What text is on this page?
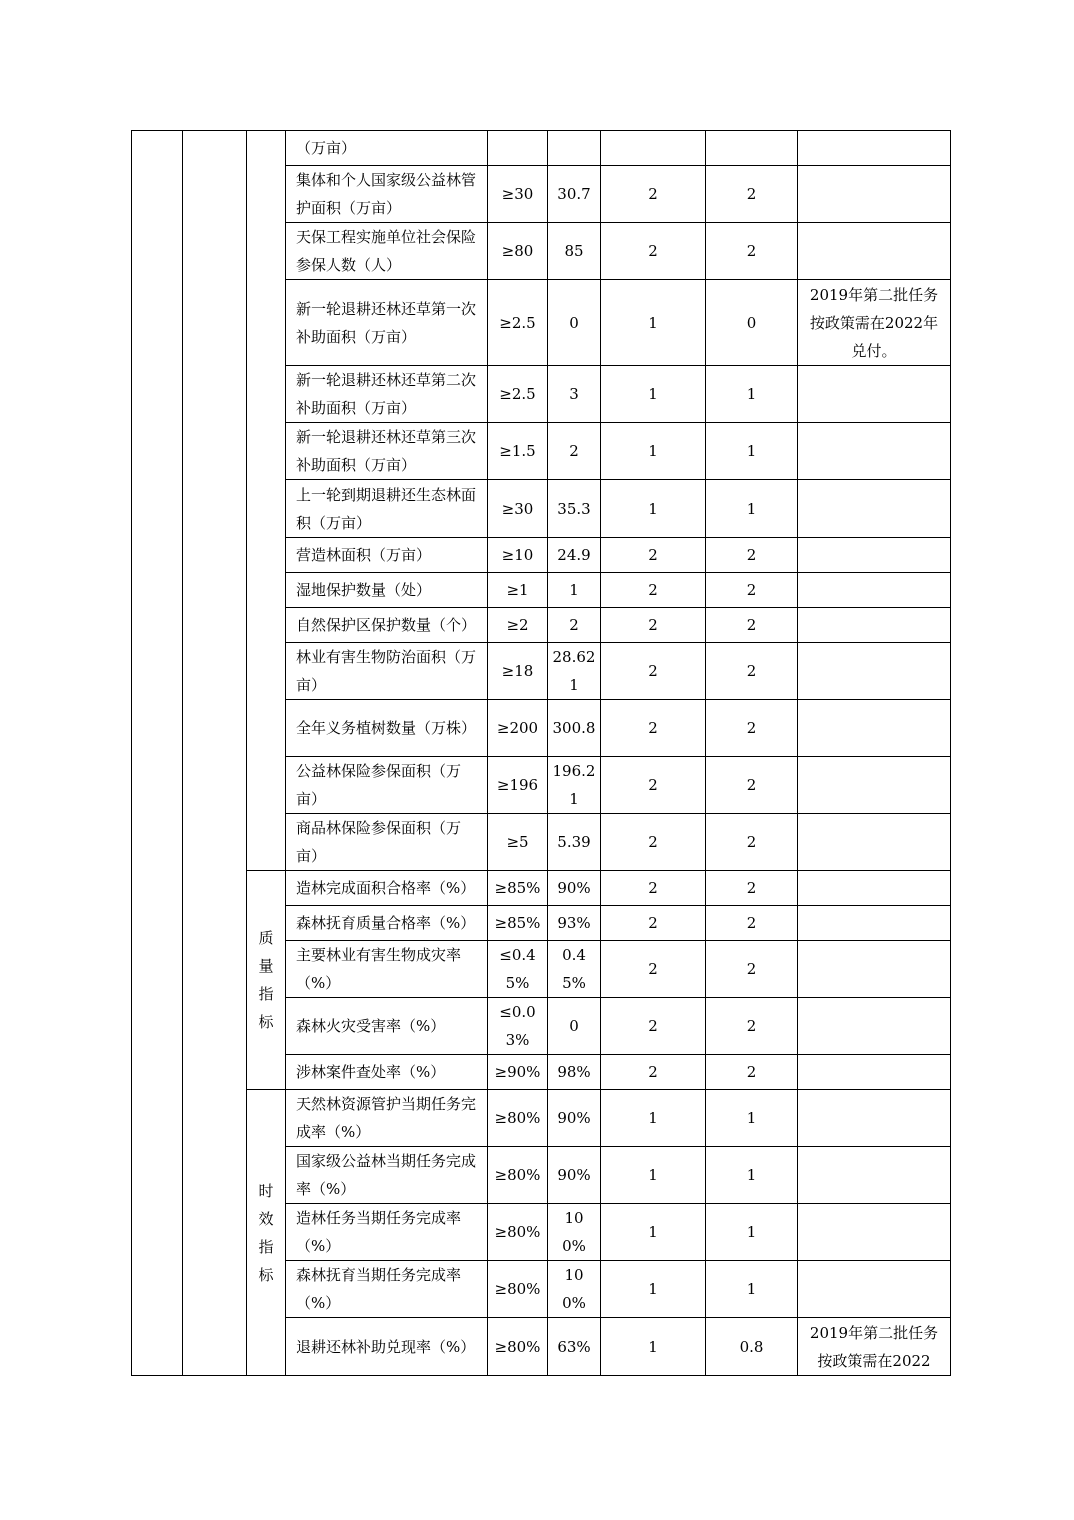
			（万亩）					
			集体和个人国家级公益林管护面积（万亩）	≥30	30.7	2	2	
			天保工程实施单位社会保险参保人数（人）	≥80	85	2	2	
			新一轮退耕还林还草第一次补助面积（万亩）	≥2.5	0	1	0	2019年第二批任务按政策需在2022年兑付。
			新一轮退耕还林还草第二次补助面积（万亩）	≥2.5	3	1	1	
			新一轮退耕还林还草第三次补助面积（万亩）	≥1.5	2	1	1	
			上一轮到期退耕还生态林面积（万亩）	≥30	35.3	1	1	
			营造林面积（万亩）	≥10	24.9	2	2	
			湿地保护数量（处）	≥1	1	2	2	
			自然保护区保护数量（个）	≥2	2	2	2	
			林业有害生物防治面积（万亩）	≥18	28.621	2	2	
			全年义务植树数量（万株）	≥200	300.8	2	2	
			公益林保险参保面积（万亩）	≥196	196.21	2	2	
			商品林保险参保面积（万亩）	≥5	5.39	2	2	
		质量指标	造林完成面积合格率（%）	≥85%	90%	2	2	
			森林抚育质量合格率（%）	≥85%	93%	2	2	
			主要林业有害生物成灾率（%）	≤0.45%	0.45%	2	2	
			森林火灾受害率（%）	≤0.03%	0	2	2	
			涉林案件查处率（%）	≥90%	98%	2	2	
		时效指标	天然林资源管护当期任务完成率（%）	≥80%	90%	1	1	
			国家级公益林当期任务完成率（%）	≥80%	90%	1	1	
			造林任务当期任务完成率（%）	≥80%	100%	1	1	
			森林抚育当期任务完成率（%）	≥80%	100%	1	1	
			退耕还林补助兑现率（%）	≥80%	63%	1	0.8	2019年第二批任务按政策需在2022
